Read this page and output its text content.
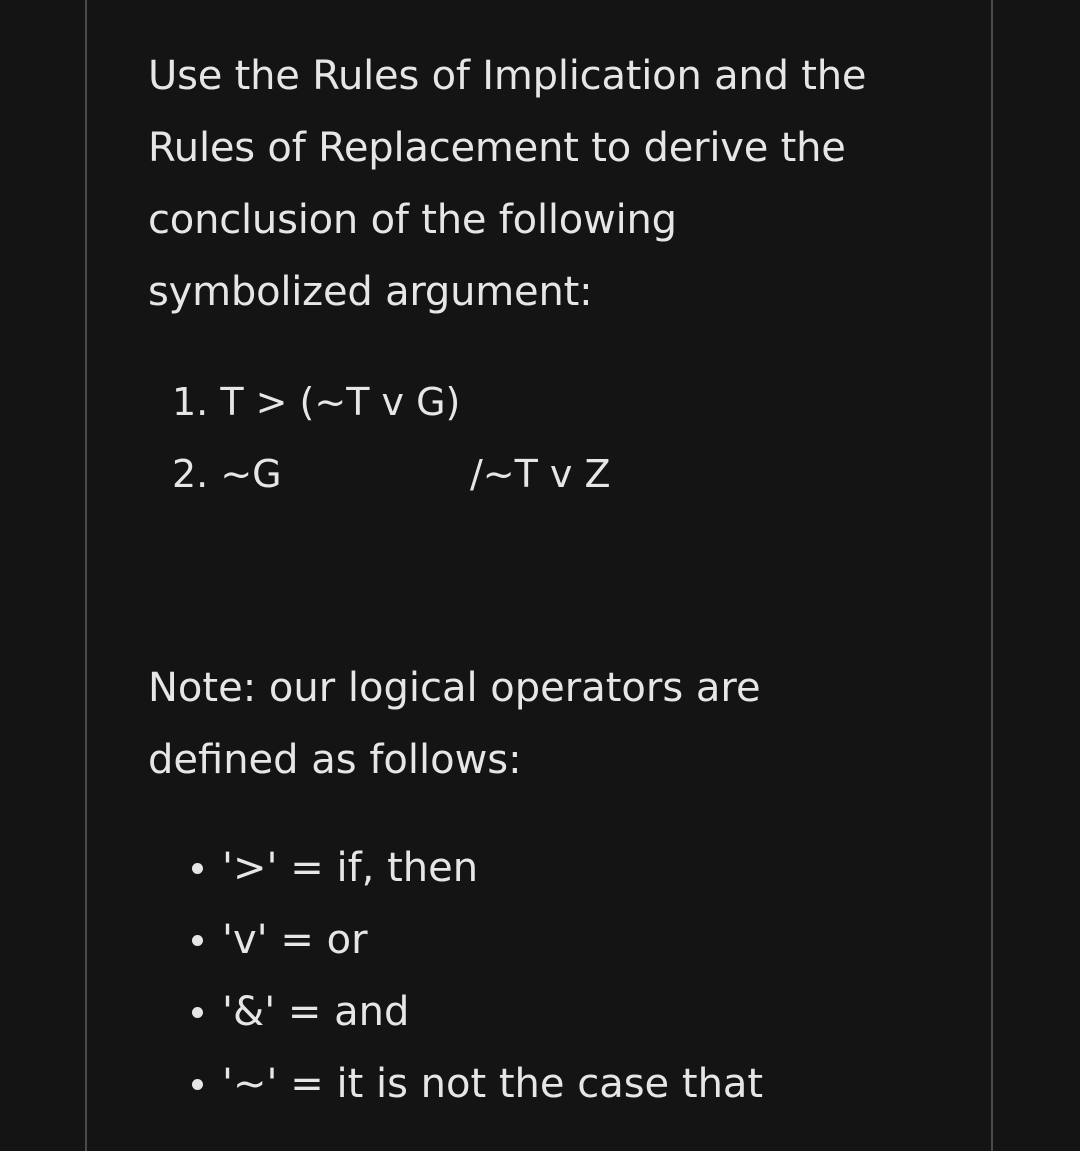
Use the Rules of Implication and the
Rules of Replacement to derive the
conclusion of the following
symbolized argument:
1. T > (~T v G)
2. ~G	/~T v Z
Note: our logical operators are
defined as follows:
'>' = if, then
'v' = or
'&' = and
'~' = it is not the case that
